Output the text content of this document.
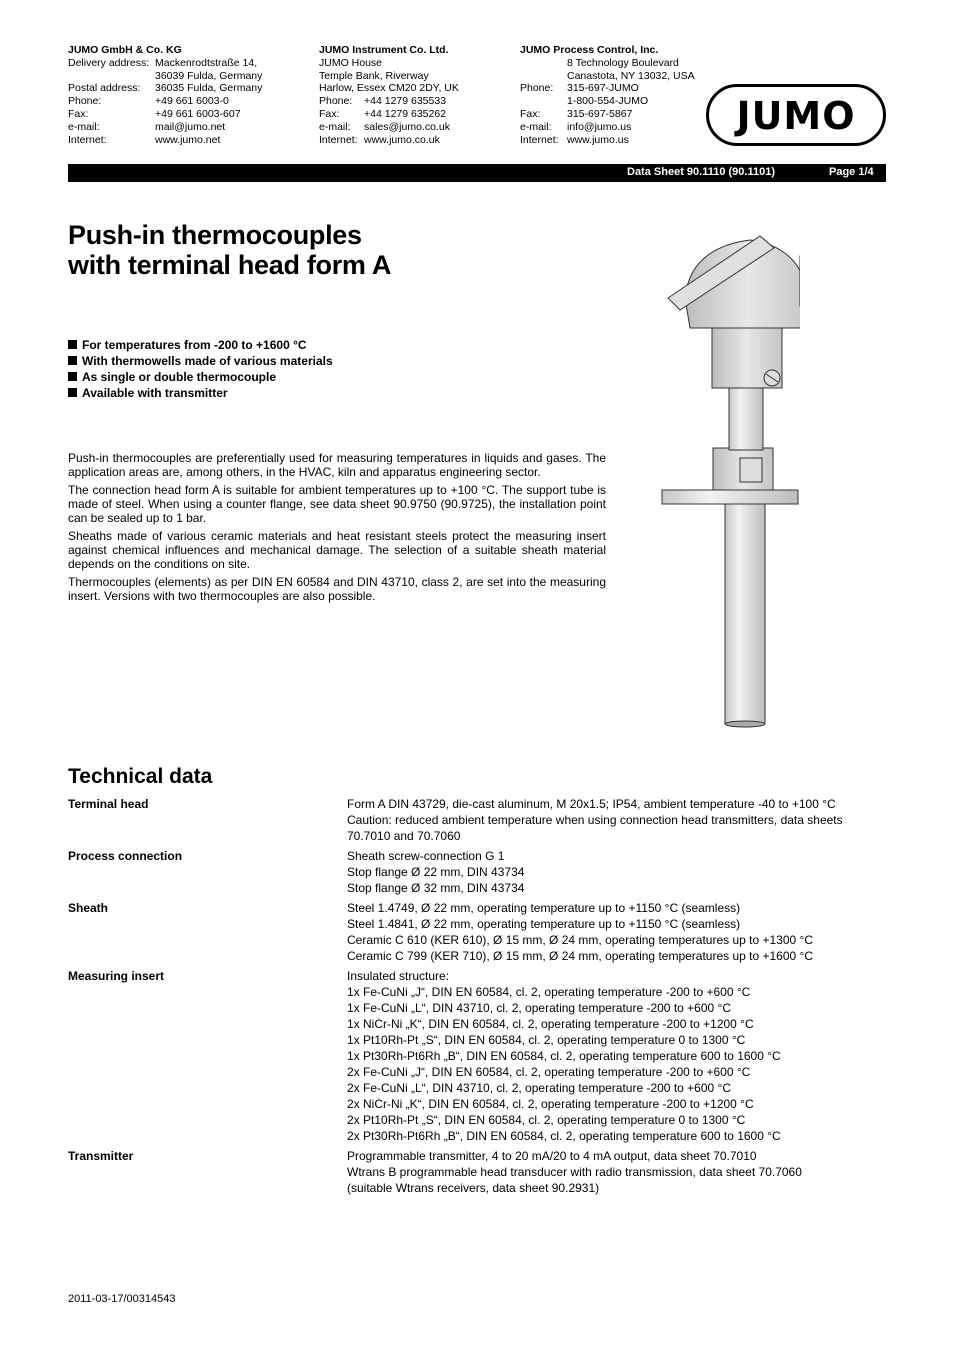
JUMO GmbH & Co. KG
Delivery address: Mackenrodtstraße 14,
36039 Fulda, Germany
Postal address: 36035 Fulda, Germany
Phone:	+49 661 6003-0
Fax:	+49 661 6003-607
e-mail:	mail@jumo.net
Internet:	www.jumo.net
JUMO Instrument Co. Ltd.
JUMO House
Temple Bank, Riverway
Harlow, Essex CM20 2DY, UK
Phone: +44 1279 635533
Fax: +44 1279 635262
e-mail: sales@jumo.co.uk
Internet: www.jumo.co.uk
JUMO Process Control, Inc.
8 Technology Boulevard
Canastota, NY 13032, USA
Phone: 315-697-JUMO
1-800-554-JUMO
Fax:	315-697-5867
e-mail: info@jumo.us
Internet: www.jumo.us
JUMO
Data Sheet 90.1110 (90.1101)	Page 1/4
Push-in thermocouples
with terminal head form A
For temperatures from -200 to +1600 °C
With thermowells made of various materials
As single or double thermocouple
Available with transmitter

Push-in thermocouples are preferentially used for measuring temperatures in liquids and gases. The application areas are, among others, in the HVAC, kiln and apparatus engineering sector.

The connection head form A is suitable for ambient temperatures up to +100 °C. The support tube is made of steel. When using a counter flange, see data sheet 90.9750 (90.9725), the installation point can be sealed up to 1 bar.

Sheaths made of various ceramic materials and heat resistant steels protect the measuring insert against chemical influences and mechanical damage. The selection of a suitable sheath material depends on the conditions on site.

Thermocouples (elements) as per DIN EN 60584 and DIN 43710, class 2, are set into the measuring insert. Versions with two thermocouples are also possible.

Technical data
Terminal head	Form A DIN 43729, die-cast aluminum, M 20x1.5; IP54, ambient temperature -40 to +100 °C
Caution: reduced ambient temperature when using connection head transmitters, data sheets
70.7010 and 70.7060
Process connection	Sheath screw-connection G 1
Stop flange Ø 22 mm, DIN 43734
Stop flange Ø 32 mm, DIN 43734
Sheath	Steel 1.4749, Ø 22 mm, operating temperature up to +1150 °C (seamless)
Steel 1.4841, Ø 22 mm, operating temperature up to +1150 °C (seamless)
Ceramic C 610 (KER 610), Ø 15 mm, Ø 24 mm, operating temperatures up to +1300 °C
Ceramic C 799 (KER 710), Ø 15 mm, Ø 24 mm, operating temperatures up to +1600 °C
Measuring insert	Insulated structure:
1x Fe-CuNi „J“, DIN EN 60584, cl. 2, operating temperature -200 to +600 °C
1x Fe-CuNi „L“, DIN 43710, cl. 2, operating temperature -200 to +600 °C
1x NiCr-Ni „K“, DIN EN 60584, cl. 2, operating temperature -200 to +1200 °C
1x Pt10Rh-Pt „S“, DIN EN 60584, cl. 2, operating temperature 0 to 1300 °C
1x Pt30Rh-Pt6Rh „B“, DIN EN 60584, cl. 2, operating temperature 600 to 1600 °C
2x Fe-CuNi „J“, DIN EN 60584, cl. 2, operating temperature -200 to +600 °C
2x Fe-CuNi „L“, DIN 43710, cl. 2, operating temperature -200 to +600 °C
2x NiCr-Ni „K“, DIN EN 60584, cl. 2, operating temperature -200 to +1200 °C
2x Pt10Rh-Pt „S“, DIN EN 60584, cl. 2, operating temperature 0 to 1300 °C
2x Pt30Rh-Pt6Rh „B“, DIN EN 60584, cl. 2, operating temperature 600 to 1600 °C
Transmitter	Programmable transmitter, 4 to 20 mA/20 to 4 mA output, data sheet 70.7010
Wtrans B programmable head transducer with radio transmission, data sheet 70.7060
(suitable Wtrans receivers, data sheet 90.2931)
2011-03-17/00314543
